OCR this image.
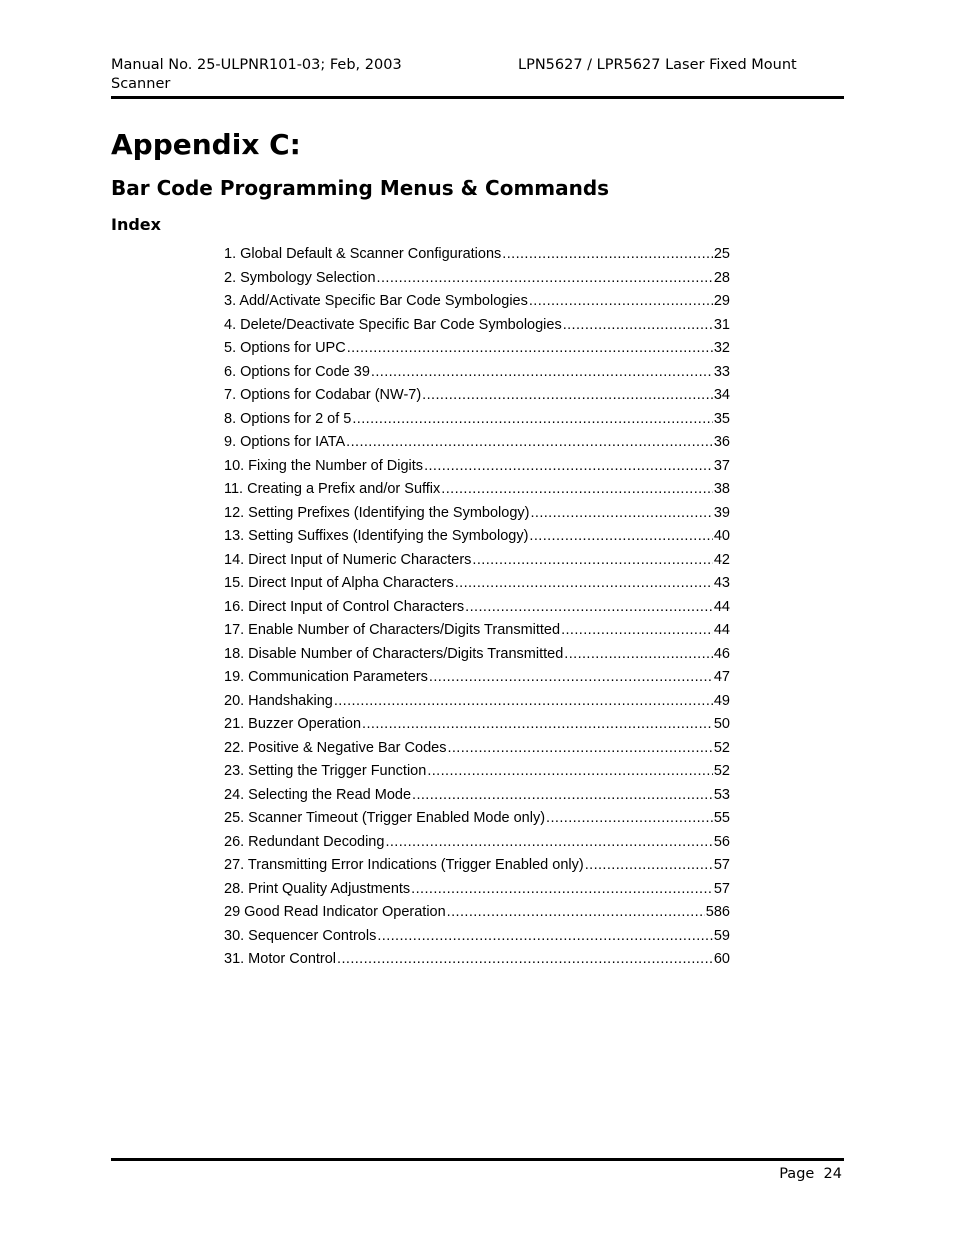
Manual No. 25-ULPNR101-03; Feb, 2003
Scanner
LPN5627 / LPR5627 Laser Fixed Mount
Appendix C:
Bar Code Programming Menus & Commands
Index
1. Global Default & Scanner Configurations .....	25
2. Symbology Selection .....	28
3. Add/Activate Specific Bar Code Symbologies .....	29
4. Delete/Deactivate Specific Bar Code Symbologies .....	31
5. Options for UPC .....	32
6. Options for Code 39 .....	33
7. Options for Codabar (NW-7) .....	34
8. Options for 2 of 5 .....	35
9. Options for IATA .....	36
10. Fixing the Number of Digits .....	37
11. Creating a Prefix and/or Suffix .....	38
12. Setting Prefixes (Identifying the Symbology) .....	39
13. Setting Suffixes (Identifying the Symbology) .....	40
14. Direct Input of Numeric Characters .....	42
15. Direct Input of Alpha Characters .....	43
16. Direct Input of Control Characters .....	44
17. Enable Number of Characters/Digits Transmitted .....	44
18. Disable Number of Characters/Digits Transmitted .....	46
19. Communication Parameters .....	47
20. Handshaking .....	49
21. Buzzer Operation .....	50
22. Positive & Negative Bar Codes .....	52
23. Setting the Trigger Function .....	52
24. Selecting the Read Mode .....	53
25. Scanner Timeout (Trigger Enabled Mode only) .....	55
26. Redundant Decoding .....	56
27. Transmitting Error Indications (Trigger Enabled only) .....	57
28. Print Quality Adjustments .....	57
29 Good Read Indicator Operation .....	586
30. Sequencer Controls .....	59
31. Motor Control .....	60
Page  24
